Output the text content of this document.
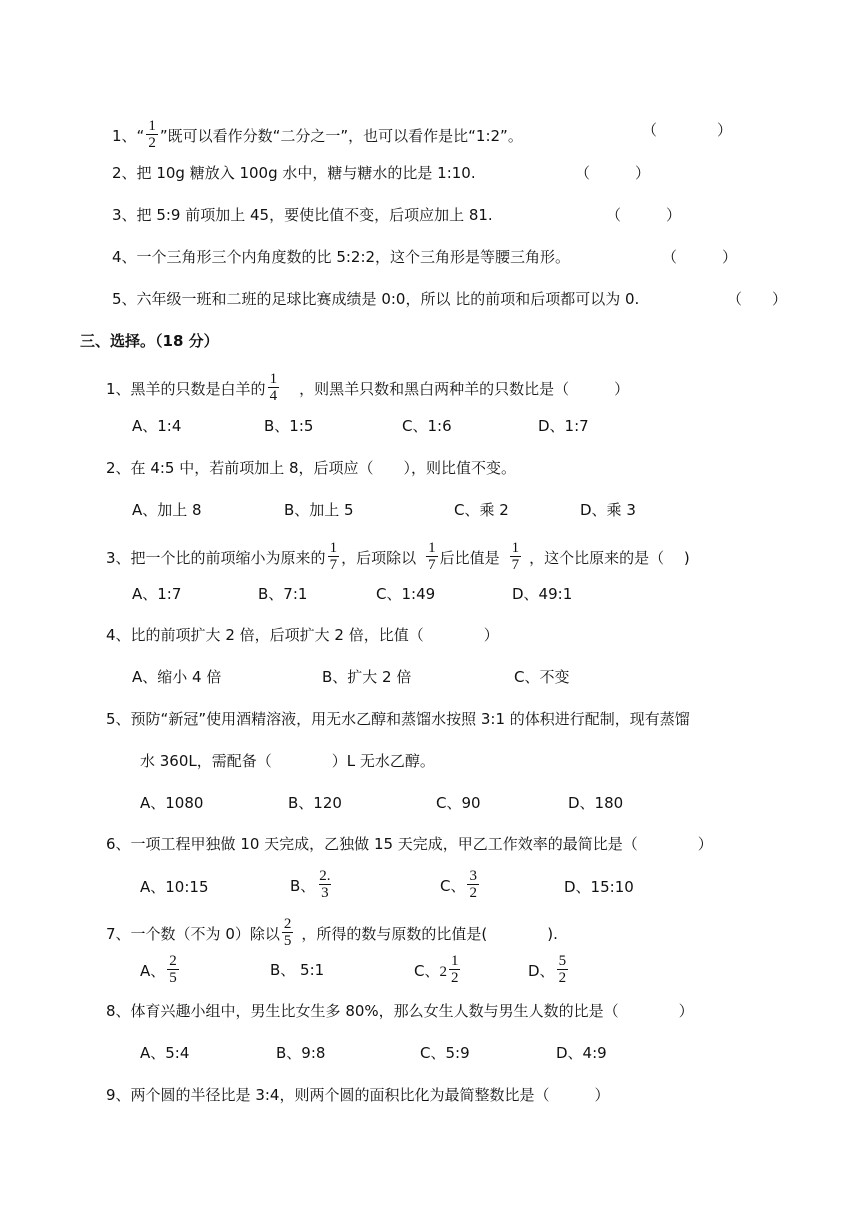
1、“ $\frac{1}{2}$ ”既可以看作分数“二分之一”，也可以看作是比“1:2”。	（　　　　）
2、把 10g 糖放入 100g 水中，糖与糖水的比是 1:10.	（　　　）
3、把 5:9 前项加上 45，要使比值不变，后项应加上 81.	（　　　）
4、一个三角形三个内角度数的比 5:2:2，这个三角形是等腰三角形。	（　　　）
5、六年级一班和二班的足球比赛成绩是 0:0，所以 比的前项和后项都可以为 0.	（　　）
三、选择。（18 分）
1、黑羊的只数是白羊的 $\frac{1}{4}$ ，则黑羊只数和黑白两种羊的只数比是（　　　）
A、1:4	B、1:5	C、1:6	D、1:7
2、在 4:5 中，若前项加上 8，后项应（　　），则比值不变。
A、加上 8	B、加上 5	C、乘 2	D、乘 3
3、把一个比的前项缩小为原来的 $\frac{1}{7}$ ，后项除以 $\frac{1}{7}$ 后比值是 $\frac{1}{7}$ ，这个比原来的是（　 )
A、1:7	B、7:1	C、1:49	D、49:1
4、比的前项扩大 2 倍，后项扩大 2 倍，比值（　　　　）
A、缩小 4 倍	B、扩大 2 倍	C、不变
5、预防“新冠”使用酒精溶液，用无水乙醇和蒸馏水按照 3:1 的体积进行配制，现有蒸馏
水 360L，需配备（　　　　）L 无水乙醇。
A、1080	B、120	C、90	D、180
6、一项工程甲独做 10 天完成，乙独做 15 天完成，甲乙工作效率的最简比是（　　　　）
A、10:15	B、 $\frac{2.}{3}$	C、 $\frac{3}{2}$	D、15:10
7、一个数（不为 0）除以 $\frac{2}{5}$ ，所得的数与原数的比值是(　　　　).
A、 $\frac{2}{5}$	B、 5:1	C、$2 \frac{1}{2}$	D、 $\frac{5}{2}$
8、体育兴趣小组中，男生比女生多 80%，那么女生人数与男生人数的比是（　　　　）
A、5:4	B、9:8	C、5:9	D、4:9
9、两个圆的半径比是 3:4，则两个圆的面积比化为最简整数比是（　　　）
